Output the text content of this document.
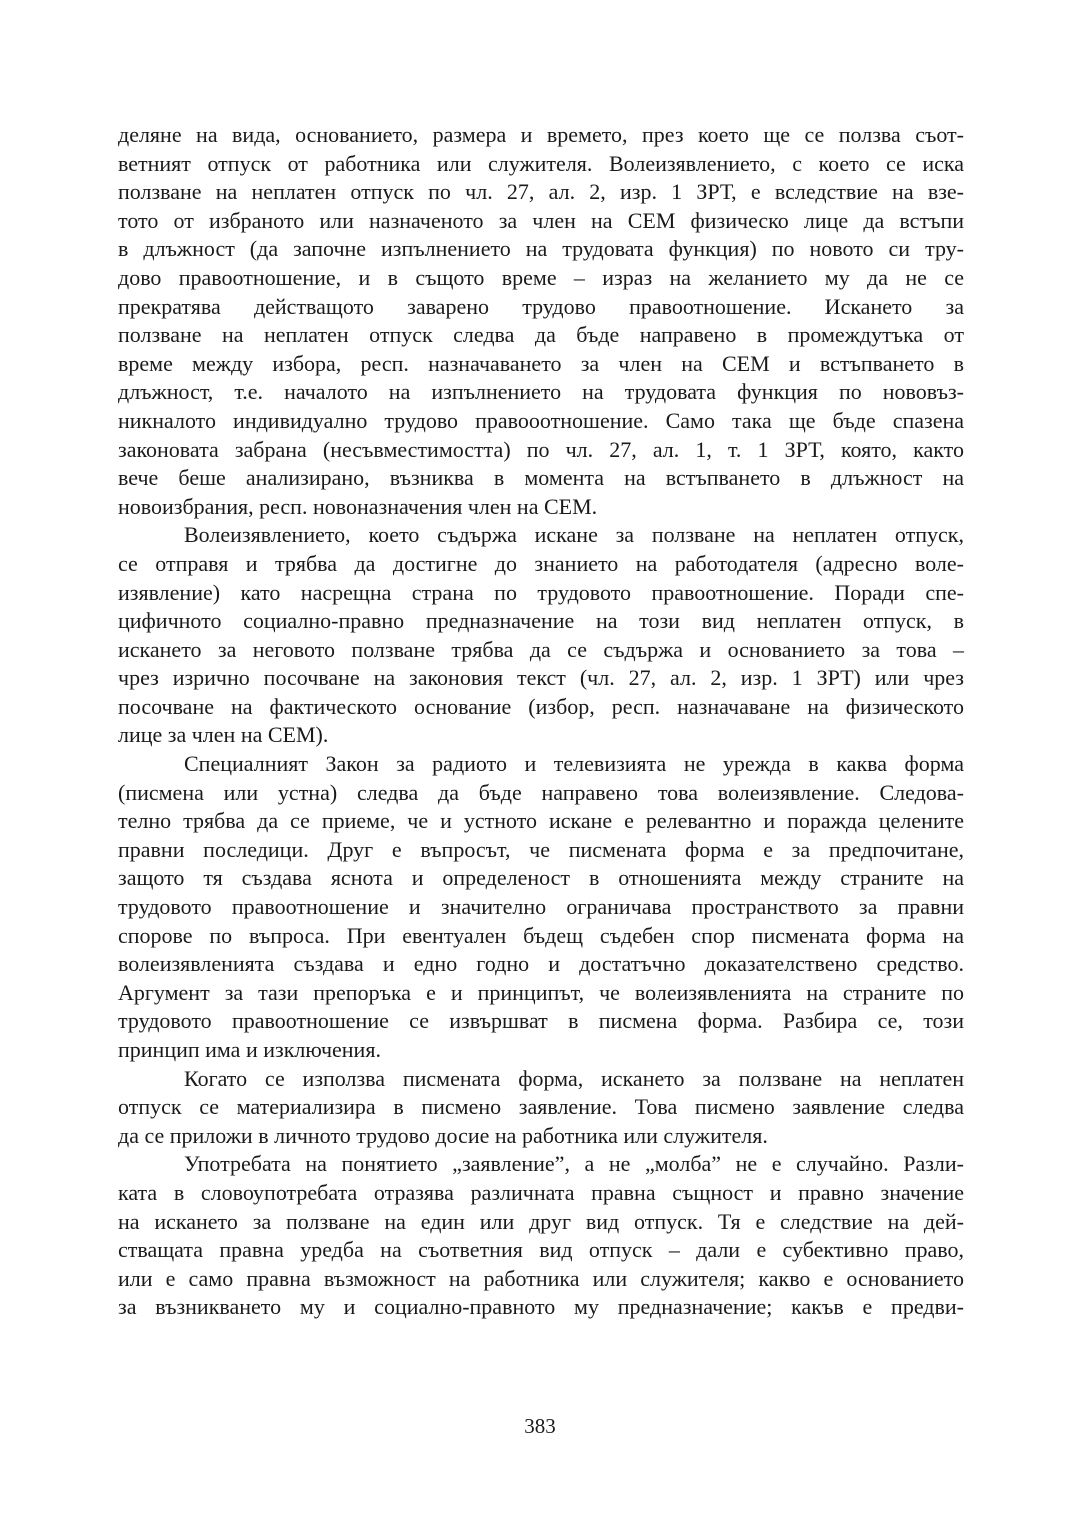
деляне на вида, основанието, размера и времето, през което ще се ползва съот-
ветният отпуск от работника или служителя. Волеизявлението, с което се иска
ползване на неплатен отпуск по чл. 27, ал. 2, изр. 1 ЗРТ, е вследствие на взе-
тото от избраното или назначеното за член на СЕМ физическо лице да встъпи
в длъжност (да започне изпълнението на трудовата функция) по новото си тру-
дово правоотношение, и в същото време – израз на желанието му да не се
прекратява действащото заварено трудово правоотношение. Искането за
ползване на неплатен отпуск следва да бъде направено в промеждутъка от
време между избора, респ. назначаването за член на СЕМ и встъпването в
длъжност, т.е. началото на изпълнението на трудовата функция по нововъз-
никналото индивидуално трудово правооотношение. Само така ще бъде спазена
законовата забрана (несъвместимостта) по чл. 27, ал. 1, т. 1 ЗРТ, която, както
вече беше анализирано, възниква в момента на встъпването в длъжност на
новоизбрания, респ. новоназначения член на СЕМ.
Волеизявлението, което съдържа искане за ползване на неплатен отпуск,
се отправя и трябва да достигне до знанието на работодателя (адресно воле-
изявление) като насрещна страна по трудовото правоотношение. Поради спе-
цифичното социално-правно предназначение на този вид неплатен отпуск, в
искането за неговото ползване трябва да се съдържа и основанието за това –
чрез изрично посочване на законовия текст (чл. 27, ал. 2, изр. 1 ЗРТ) или чрез
посочване на фактическото основание (избор, респ. назначаване на физическото
лице за член на СЕМ).
Специалният Закон за радиото и телевизията не урежда в каква форма
(писмена или устна) следва да бъде направено това волеизявление. Следова-
телно трябва да се приеме, че и устното искане е релевантно и поражда целените
правни последици. Друг е въпросът, че писмената форма е за предпочитане,
защото тя създава яснота и определеност в отношенията между страните на
трудовото правоотношение и значително ограничава пространството за правни
спорове по въпроса. При евентуален бъдещ съдебен спор писмената форма на
волеизявленията създава и едно годно и достатъчно доказателствено средство.
Аргумент за тази препоръка е и принципът, че волеизявленията на страните по
трудовото правоотношение се извършват в писмена форма. Разбира се, този
принцип има и изключения.
Когато се използва писмената форма, искането за ползване на неплатен
отпуск се материализира в писмено заявление. Това писмено заявление следва
да се приложи в личното трудово досие на работника или служителя.
Употребата на понятието „заявление”, а не „молба” не е случайно. Разли-
ката в словоупотребата отразява различната правна същност и правно значение
на искането за ползване на един или друг вид отпуск. Тя е следствие на дей-
стващата правна уредба на съответния вид отпуск – дали е субективно право,
или е само правна възможност на работника или служителя; какво е основанието
за възникването му и социално-правното му предназначение; какъв е предви-
383
